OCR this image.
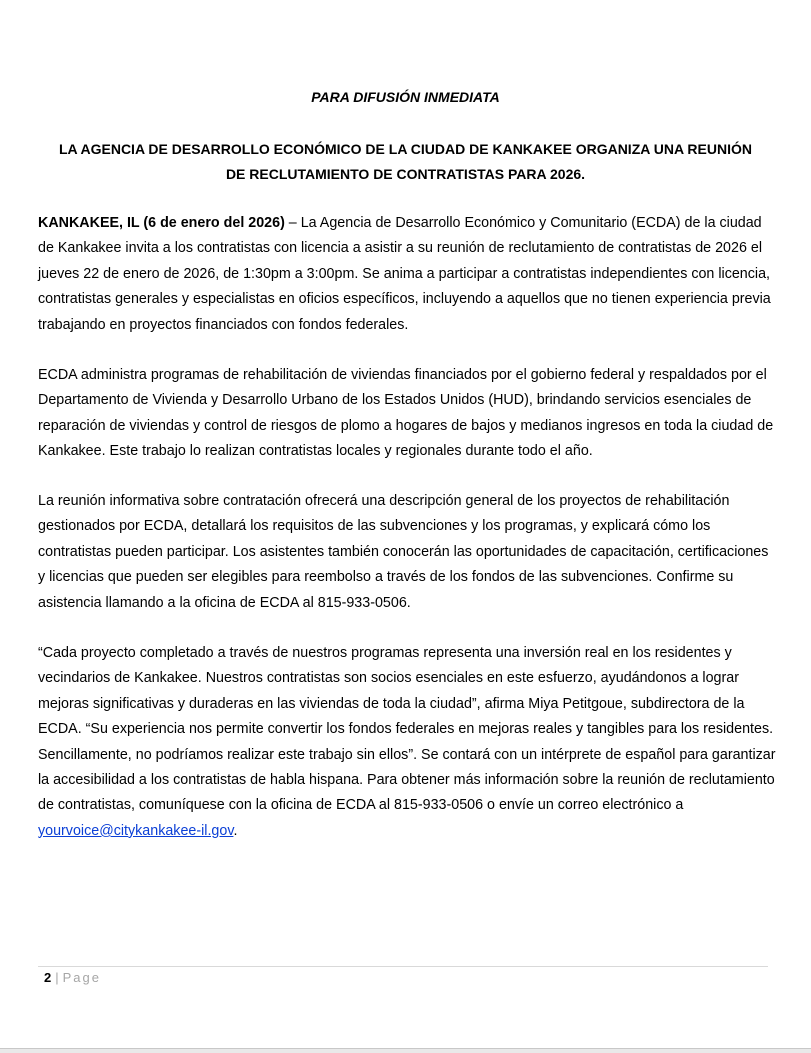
PARA DIFUSIÓN INMEDIATA
LA AGENCIA DE DESARROLLO ECONÓMICO DE LA CIUDAD DE KANKAKEE ORGANIZA UNA REUNIÓN
DE RECLUTAMIENTO DE CONTRATISTAS PARA 2026.

KANKAKEE, IL (6 de enero del 2026) – La Agencia de Desarrollo Económico y Comunitario (ECDA) de la ciudad de Kankakee invita a los contratistas con licencia a asistir a su reunión de reclutamiento de contratistas de 2026 el jueves 22 de enero de 2026, de 1:30pm a 3:00pm. Se anima a participar a contratistas independientes con licencia, contratistas generales y especialistas en oficios específicos, incluyendo a aquellos que no tienen experiencia previa trabajando en proyectos financiados con fondos federales.

ECDA administra programas de rehabilitación de viviendas financiados por el gobierno federal y respaldados por el Departamento de Vivienda y Desarrollo Urbano de los Estados Unidos (HUD), brindando servicios esenciales de reparación de viviendas y control de riesgos de plomo a hogares de bajos y medianos ingresos en toda la ciudad de Kankakee. Este trabajo lo realizan contratistas locales y regionales durante todo el año.

La reunión informativa sobre contratación ofrecerá una descripción general de los proyectos de rehabilitación gestionados por ECDA, detallará los requisitos de las subvenciones y los programas, y explicará cómo los contratistas pueden participar. Los asistentes también conocerán las oportunidades de capacitación, certificaciones y licencias que pueden ser elegibles para reembolso a través de los fondos de las subvenciones. Confirme su asistencia llamando a la oficina de ECDA al 815-933-0506.

“Cada proyecto completado a través de nuestros programas representa una inversión real en los residentes y vecindarios de Kankakee. Nuestros contratistas son socios esenciales en este esfuerzo, ayudándonos a lograr mejoras significativas y duraderas en las viviendas de toda la ciudad”, afirma Miya Petitgoue, subdirectora de la ECDA. “Su experiencia nos permite convertir los fondos federales en mejoras reales y tangibles para los residentes. Sencillamente, no podríamos realizar este trabajo sin ellos”. Se contará con un intérprete de español para garantizar la accesibilidad a los contratistas de habla hispana. Para obtener más información sobre la reunión de reclutamiento de contratistas, comuníquese con la oficina de ECDA al 815-933-0506 o envíe un correo electrónico a yourvoice@citykankakee-il.gov.

2 | Page
